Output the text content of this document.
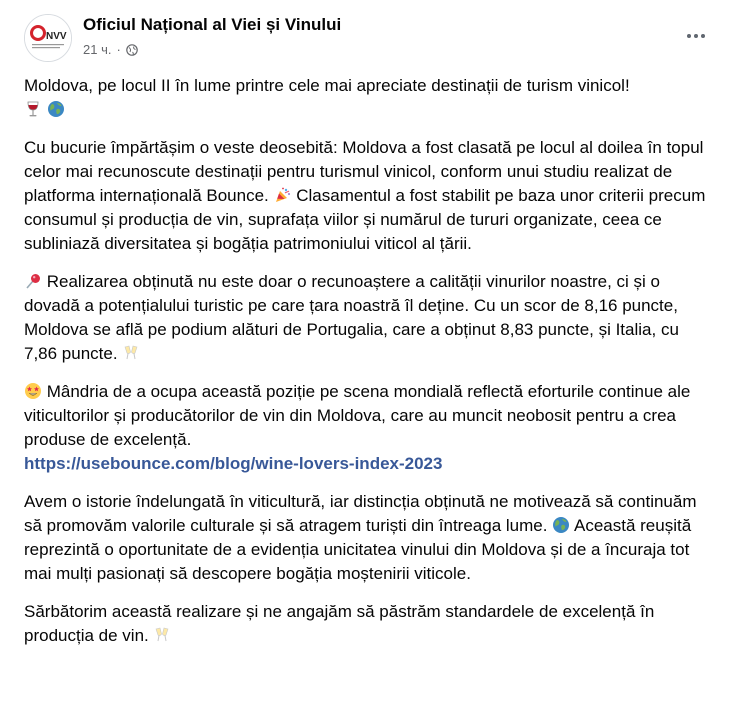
NVV
Oficiul Național al Viei și Vinului
21 ч. ·

Moldova, pe locul II în lume printre cele mai apreciate destinații de turism vinicol!

Cu bucurie împărtășim o veste deosebită: Moldova a fost clasată pe locul al doilea în topul celor mai recunoscute destinații pentru turismul vinicol, conform unui studiu realizat de platforma internațională Bounce. Clasamentul a fost stabilit pe baza unor criterii precum consumul și producția de vin, suprafața viilor și numărul de tururi organizate, ceea ce subliniază diversitatea și bogăția patrimoniului viticol al țării.

Realizarea obținută nu este doar o recunoaștere a calității vinurilor noastre, ci și o dovadă a potențialului turistic pe care țara noastră îl deține. Cu un scor de 8,16 puncte, Moldova se află pe podium alături de Portugalia, care a obținut 8,83 puncte, și Italia, cu 7,86 puncte.

Mândria de a ocupa această poziție pe scena mondială reflectă eforturile continue ale viticultorilor și producătorilor de vin din Moldova, care au muncit neobosit pentru a crea produse de excelență.
https://usebounce.com/blog/wine-lovers-index-2023

Avem o istorie îndelungată în viticultură, iar distincția obținută ne motivează să continuăm să promovăm valorile culturale și să atragem turiști din întreaga lume. Această reușită reprezintă o oportunitate de a evidenția unicitatea vinului din Moldova și de a încuraja tot mai mulți pasionați să descopere bogăția moștenirii viticole.

Sărbătorim această realizare și ne angajăm să păstrăm standardele de excelență în producția de vin.
